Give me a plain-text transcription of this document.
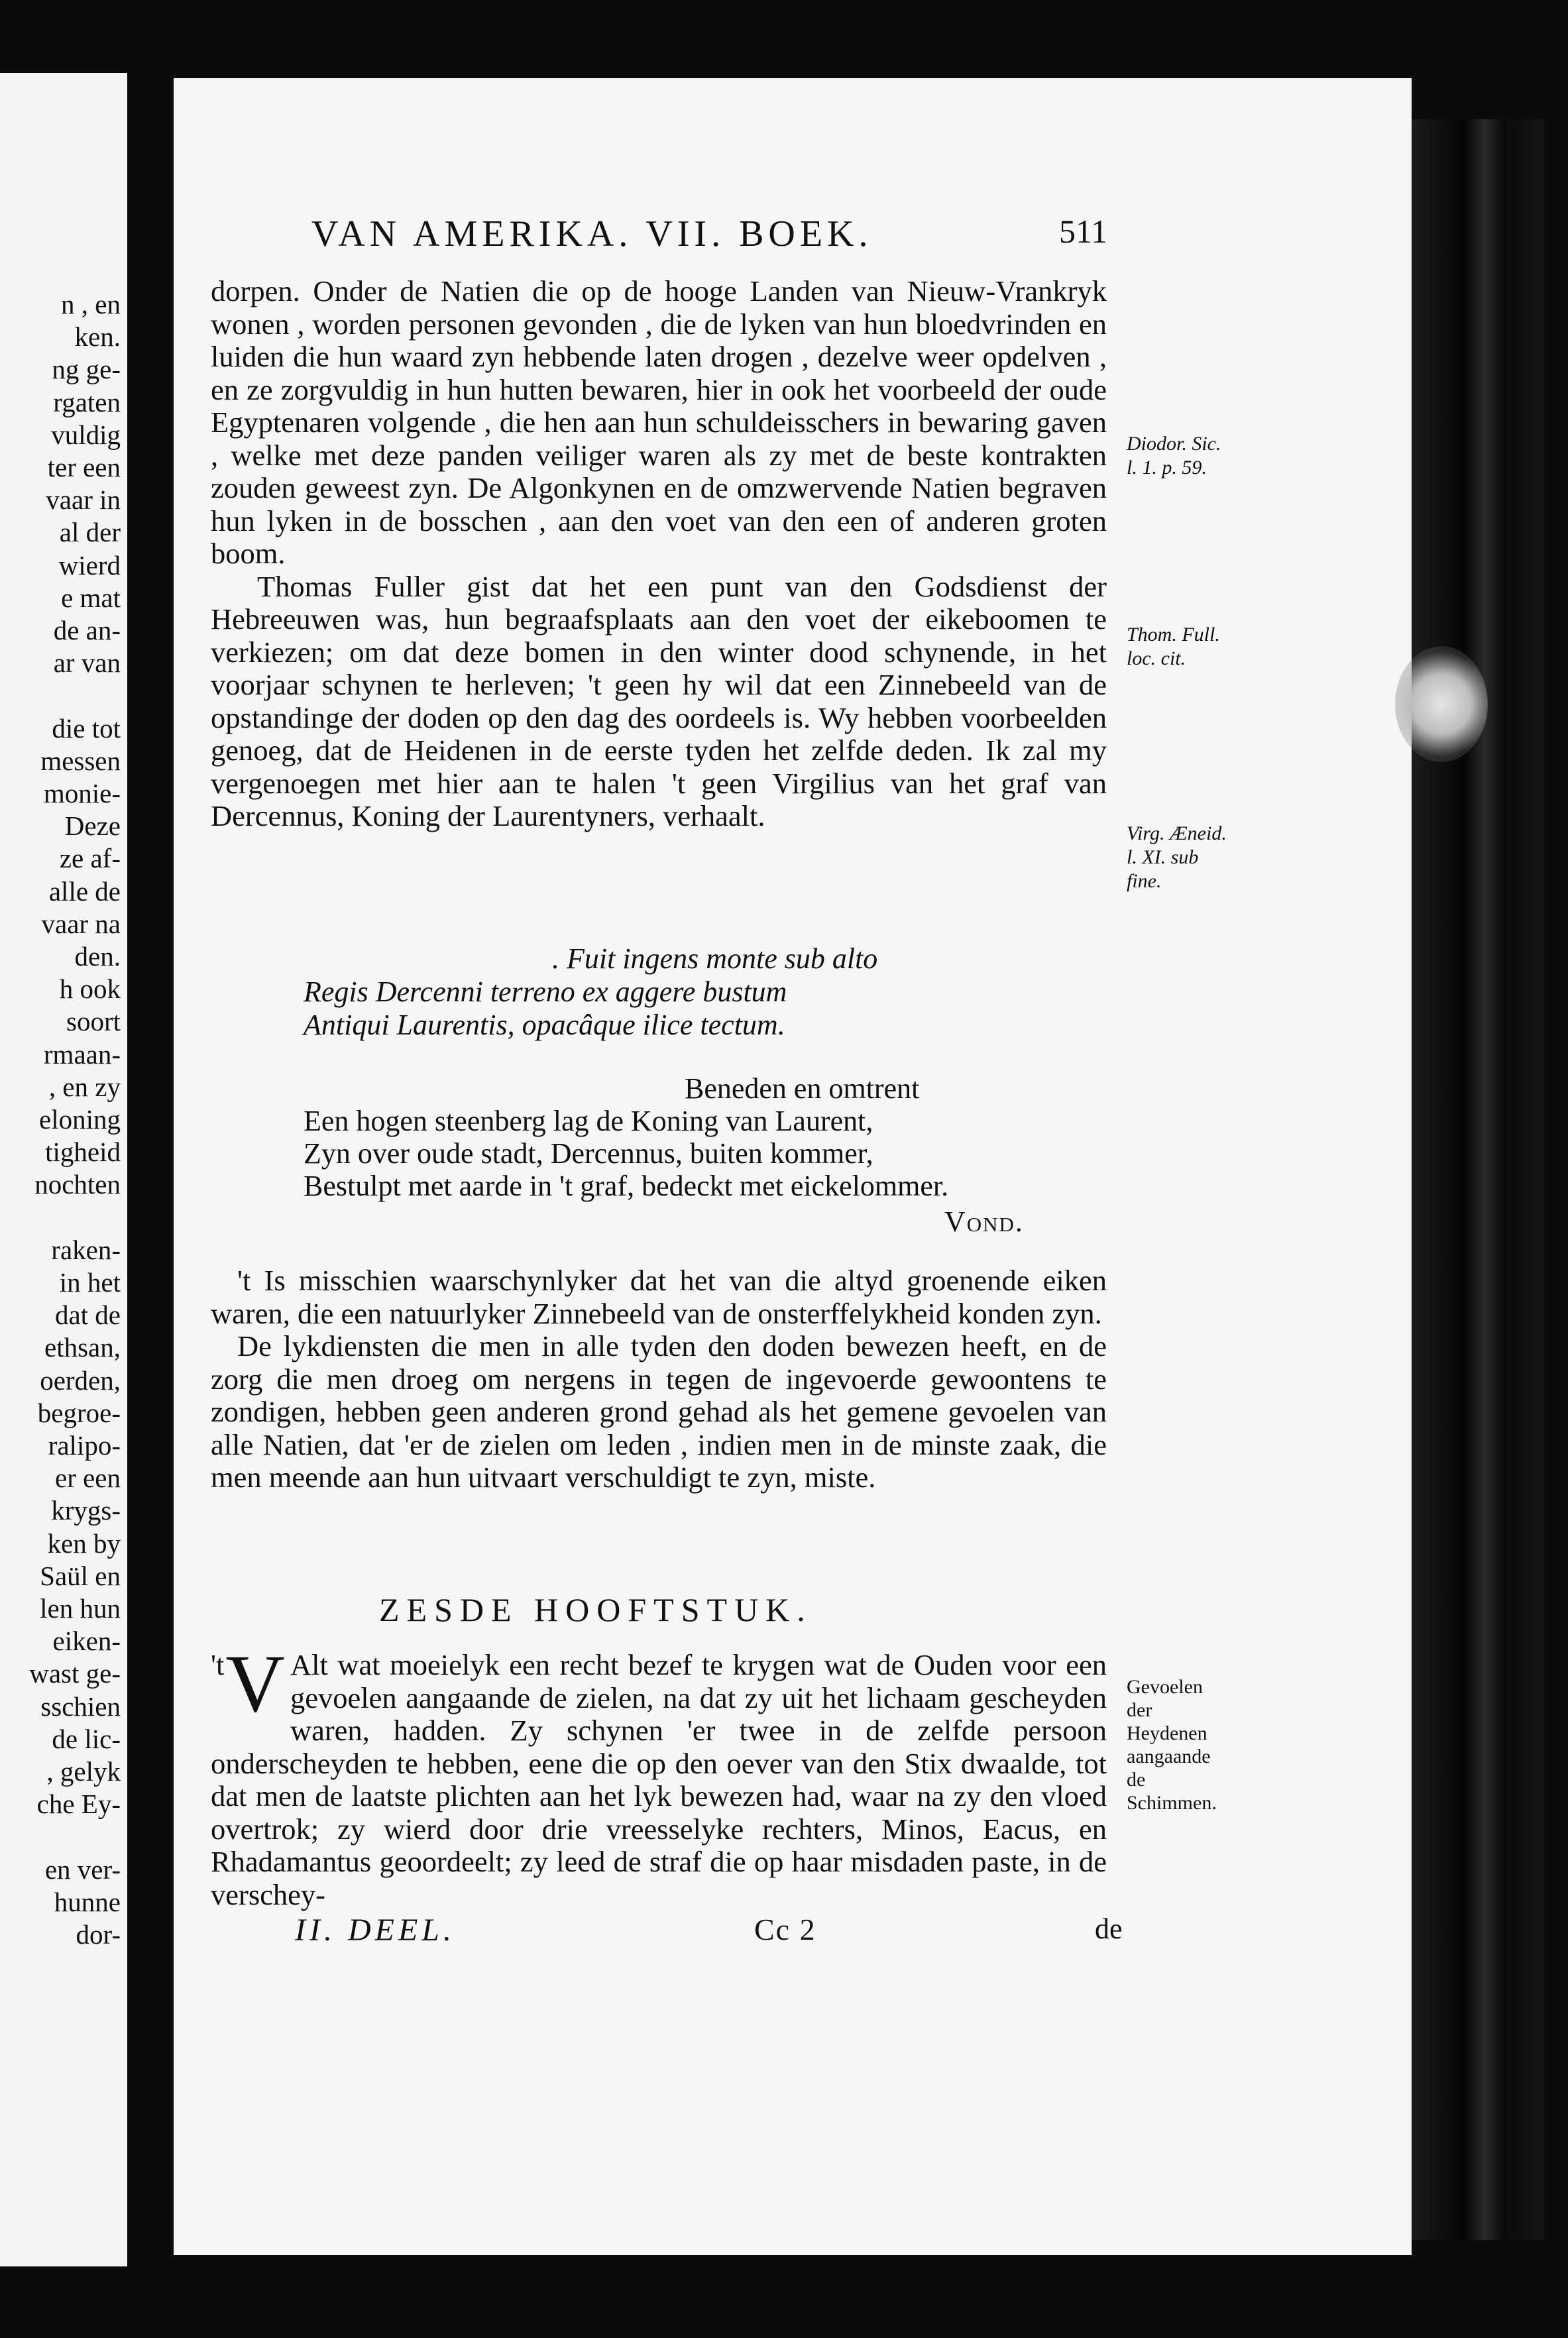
n , en
ken.
ng ge-
rgaten
vuldig
ter een
vaar in
al der
wierd
e mat
de an-
ar van
die tot
messen
monie-
Deze
ze af-
alle de
vaar na
den.
h ook
soort
rmaan-
, en zy
eloning
tigheid
nochten
raken-
in het
dat de
ethsan,
oerden,
begroe-
ralipo-
er een
krygs-
ken by
Saül en
len hun
eiken-
wast ge-
sschien
de lic-
, gelyk
che Ey-
en ver-
hunne
dor-
VAN AMERIKA. VII. BOEK.	511

dorpen. Onder de Natien die op de hooge Landen van Nieuw-Vrankryk wonen , worden personen gevonden , die de lyken van hun bloedvrinden en luiden die hun waard zyn hebbende laten drogen , dezelve weer opdelven , en ze zorgvuldig in hun hutten bewaren, hier in ook het voorbeeld der oude Egyptenaren volgende , die hen aan hun schuldeisschers in bewaring gaven , welke met deze panden veiliger waren als zy met de beste kontrakten zouden geweest zyn. De Algonkynen en de omzwervende Natien begraven hun lyken in de bosschen , aan den voet van den een of anderen groten boom.

Thomas Fuller gist dat het een punt van den Godsdienst der Hebreeuwen was, hun begraafsplaats aan den voet der eikeboomen te verkiezen; om dat deze bomen in den winter dood schynende, in het voorjaar schynen te herleven; 't geen hy wil dat een Zinnebeeld van de opstandinge der doden op den dag des oordeels is. Wy hebben voorbeelden genoeg, dat de Heidenen in de eerste tyden het zelfde deden. Ik zal my vergenoegen met hier aan te halen 't geen Virgilius van het graf van Dercennus, Koning der Laurentyners, verhaalt.

. Fuit ingens monte sub alto
Regis Dercenni terreno ex aggere bustum
Antiqui Laurentis, opacâque ilice tectum.
Beneden en omtrent
Een hogen steenberg lag de Koning van Laurent,
Zyn over oude stadt, Dercennus, buiten kommer,
Bestulpt met aarde in 't graf, bedeckt met eickelommer.
Vond.

't Is misschien waarschynlyker dat het van die altyd groenende eiken waren, die een natuurlyker Zinnebeeld van de onsterffelykheid konden zyn.

De lykdiensten die men in alle tyden den doden bewezen heeft, en de zorg die men droeg om nergens in tegen de ingevoerde gewoontens te zondigen, hebben geen anderen grond gehad als het gemene gevoelen van alle Natien, dat 'er de zielen om leden , indien men in de minste zaak, die men meende aan hun uitvaart verschuldigt te zyn, miste.

ZESDE HOOFTSTUK.

't V Alt wat moeielyk een recht bezef te krygen wat de Ouden voor een gevoelen aangaande de zielen, na dat zy uit het lichaam gescheyden waren, hadden. Zy schynen 'er twee in de zelfde persoon onderscheyden te hebben, eene die op den oever van den Stix dwaalde, tot dat men de laatste plichten aan het lyk bewezen had, waar na zy den vloed overtrok; zy wierd door drie vreesselyke rechters, Minos, Eacus, en Rhadamantus geoordeelt; zy leed de straf die op haar misdaden paste, in de verschey-

Diodor. Sic. l. 1. p. 59.
Thom. Full. loc. cit.
Virg. Æneid. l. XI. sub fine.
Gevoelen der Heydenen aangaande de Schimmen.
II. DEEL.	Cc 2	de
